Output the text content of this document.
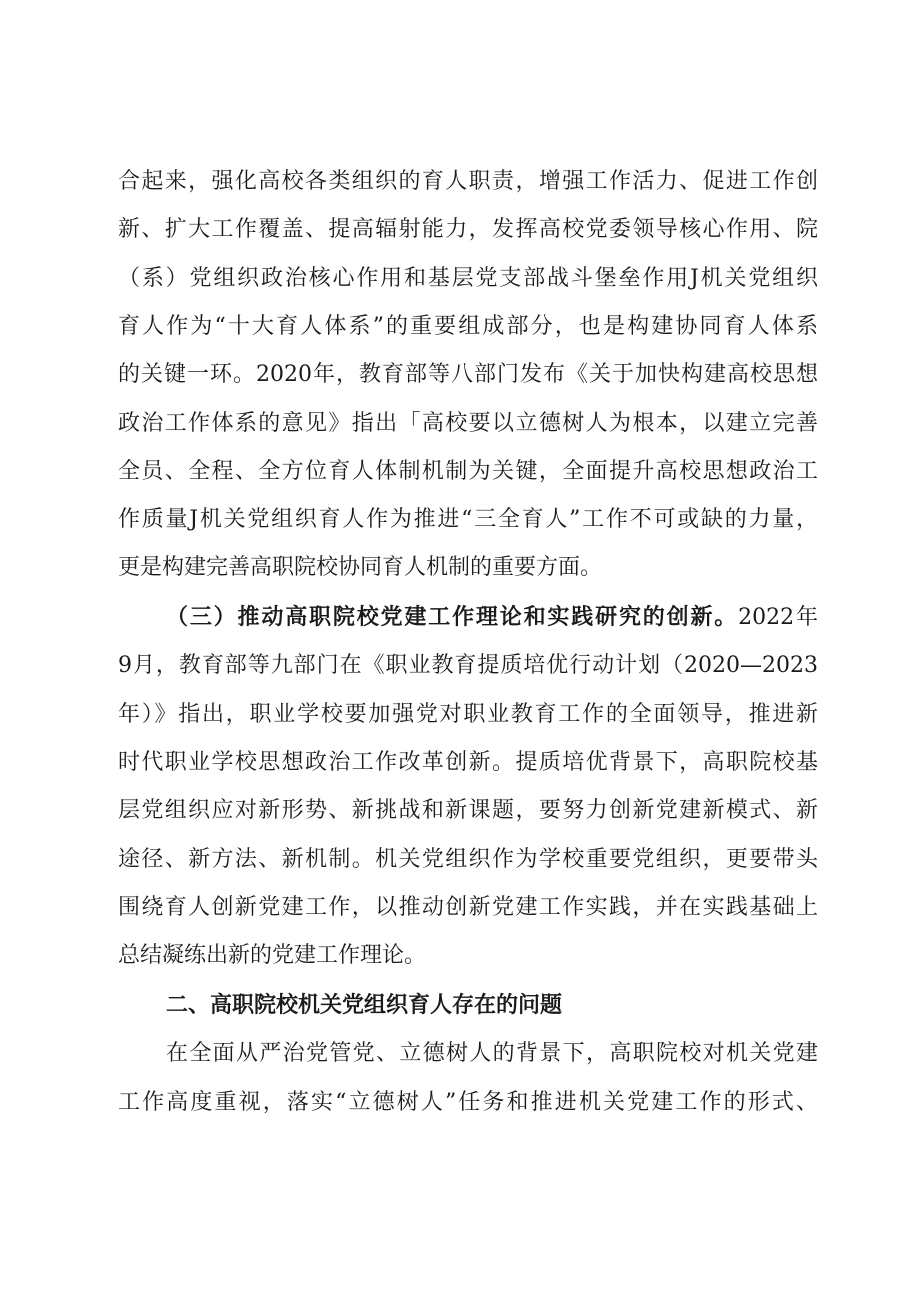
合起来，强化高校各类组织的育人职责，增强工作活力、促进工作创
新、扩大工作覆盖、提高辐射能力，发挥高校党委领导核心作用、院
（系）党组织政治核心作用和基层党支部战斗堡垒作用J机关党组织
育人作为“十大育人体系”的重要组成部分，也是构建协同育人体系
的关键一环。2020年，教育部等八部门发布《关于加快构建高校思想
政治工作体系的意见》指出「高校要以立德树人为根本，以建立完善
全员、全程、全方位育人体制机制为关键，全面提升高校思想政治工
作质量J机关党组织育人作为推进“三全育人”工作不可或缺的力量，
更是构建完善高职院校协同育人机制的重要方面。
（三）推动高职院校党建工作理论和实践研究的创新。2022年
9月，教育部等九部门在《职业教育提质培优行动计划（2020—2023
年）》指出，职业学校要加强党对职业教育工作的全面领导，推进新
时代职业学校思想政治工作改革创新。提质培优背景下，高职院校基
层党组织应对新形势、新挑战和新课题，要努力创新党建新模式、新
途径、新方法、新机制。机关党组织作为学校重要党组织，更要带头
围绕育人创新党建工作，以推动创新党建工作实践，并在实践基础上
总结凝练出新的党建工作理论。
二、高职院校机关党组织育人存在的问题
在全面从严治党管党、立德树人的背景下，高职院校对机关党建
工作高度重视，落实“立德树人”任务和推进机关党建工作的形式、
